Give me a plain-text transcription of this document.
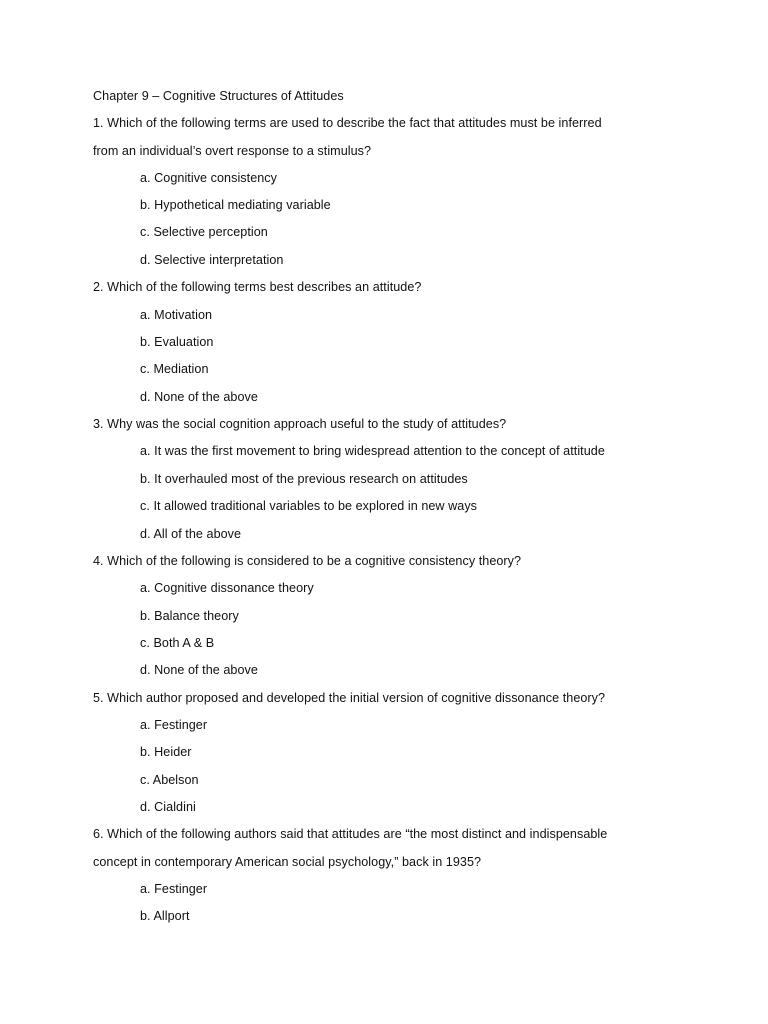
Chapter 9 – Cognitive Structures of Attitudes
1. Which of the following terms are used to describe the fact that attitudes must be inferred
from an individual’s overt response to a stimulus?
a. Cognitive consistency
b. Hypothetical mediating variable
c. Selective perception
d. Selective interpretation
2. Which of the following terms best describes an attitude?
a. Motivation
b. Evaluation
c. Mediation
d. None of the above
3. Why was the social cognition approach useful to the study of attitudes?
a. It was the first movement to bring widespread attention to the concept of attitude
b. It overhauled most of the previous research on attitudes
c. It allowed traditional variables to be explored in new ways
d. All of the above
4. Which of the following is considered to be a cognitive consistency theory?
a. Cognitive dissonance theory
b. Balance theory
c. Both A & B
d. None of the above
5. Which author proposed and developed the initial version of cognitive dissonance theory?
a. Festinger
b. Heider
c. Abelson
d. Cialdini
6. Which of the following authors said that attitudes are “the most distinct and indispensable
concept in contemporary American social psychology,” back in 1935?
a. Festinger
b. Allport
